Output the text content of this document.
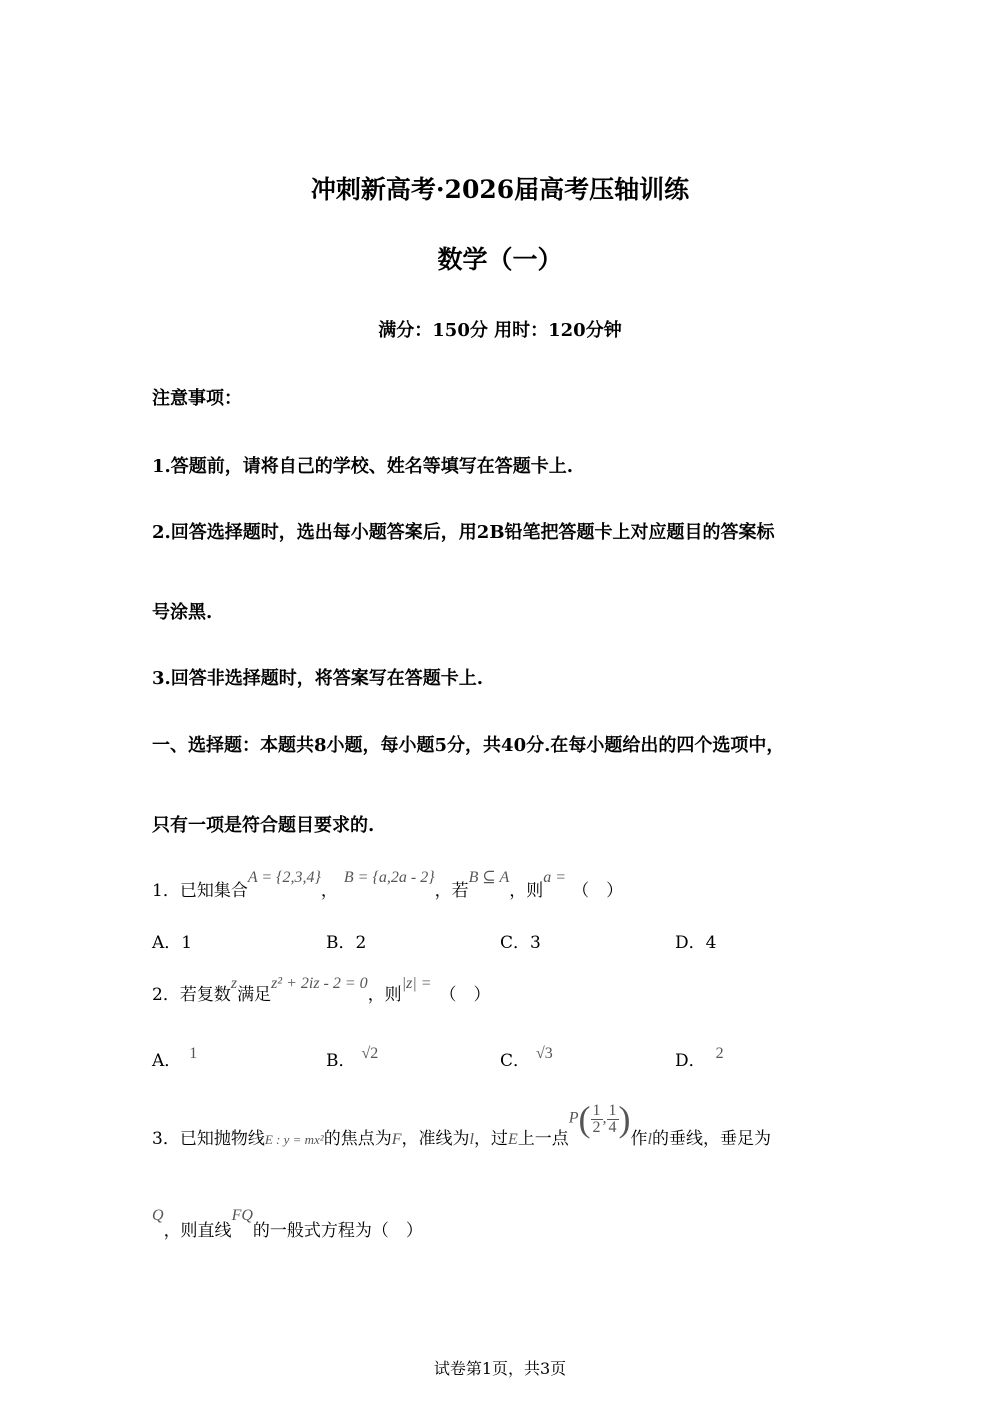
冲刺新高考·2026届高考压轴训练
数学（一）
满分：150分 用时：120分钟
注意事项：
1.答题前，请将自己的学校、姓名等填写在答题卡上.
2.回答选择题时，选出每小题答案后，用2B铅笔把答题卡上对应题目的答案标
号涂黑.
3.回答非选择题时，将答案写在答题卡上.
一、选择题：本题共8小题，每小题5分，共40分.在每小题给出的四个选项中，
只有一项是符合题目要求的.
1．已知集合A = {2,3,4}，B = {a,2a - 2}，若B ⊆ A，则a =（　）
A．1	B．2	C．3	D．4
2．若复数z满足z² + 2iz - 2 = 0，则|z| =（　）
A． 1	B． √2	C． √3	D． 2
3．已知抛物线$_{E : y = mx^2}$的焦点为F，准线为l，过E上一点$P( \frac{1}{2}$ , $\frac{1}{4}$ )作l的垂线，垂足为
Q，则直线FQ的一般式方程为（　）
试卷第1页，共3页
